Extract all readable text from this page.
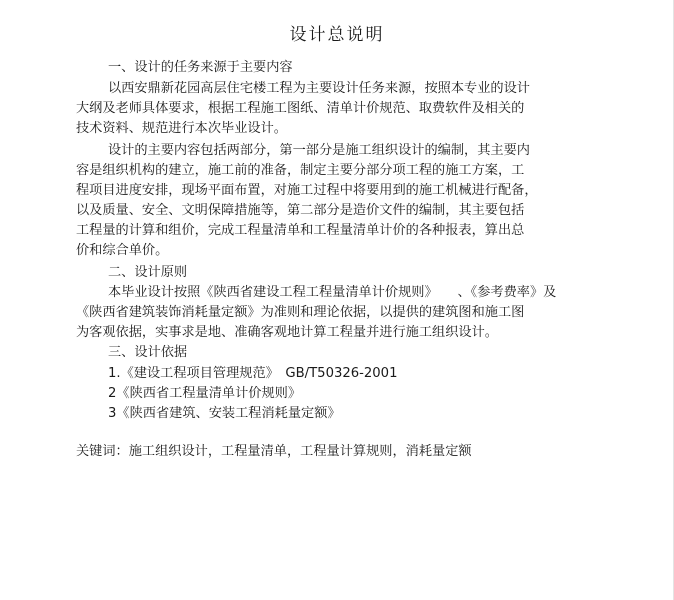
设计总说明
一、设计的任务来源于主要内容
以西安鼎新花园高层住宅楼工程为主要设计任务来源，按照本专业的设计
大纲及老师具体要求，根据工程施工图纸、清单计价规范、取费软件及相关的
技术资料、规范进行本次毕业设计。
设计的主要内容包括两部分，第一部分是施工组织设计的编制，其主要内
容是组织机构的建立，施工前的准备，制定主要分部分项工程的施工方案，工
程项目进度安排，现场平面布置，对施工过程中将要用到的施工机械进行配备，
以及质量、安全、文明保障措施等，第二部分是造价文件的编制，其主要包括
工程量的计算和组价，完成工程量清单和工程量清单计价的各种报表，算出总
价和综合单价。
二、设计原则
本毕业设计按照《陕西省建设工程工程量清单计价规则》　　、《参考费率》及
《陕西省建筑装饰消耗量定额》为准则和理论依据，以提供的建筑图和施工图
为客观依据，实事求是地、准确客观地计算工程量并进行施工组织设计。
三、设计依据
1.《建设工程项目管理规范》　GB/T50326-2001
2《陕西省工程量清单计价规则》
3《陕西省建筑、安装工程消耗量定额》
关键词：施工组织设计，工程量清单，工程量计算规则，消耗量定额
